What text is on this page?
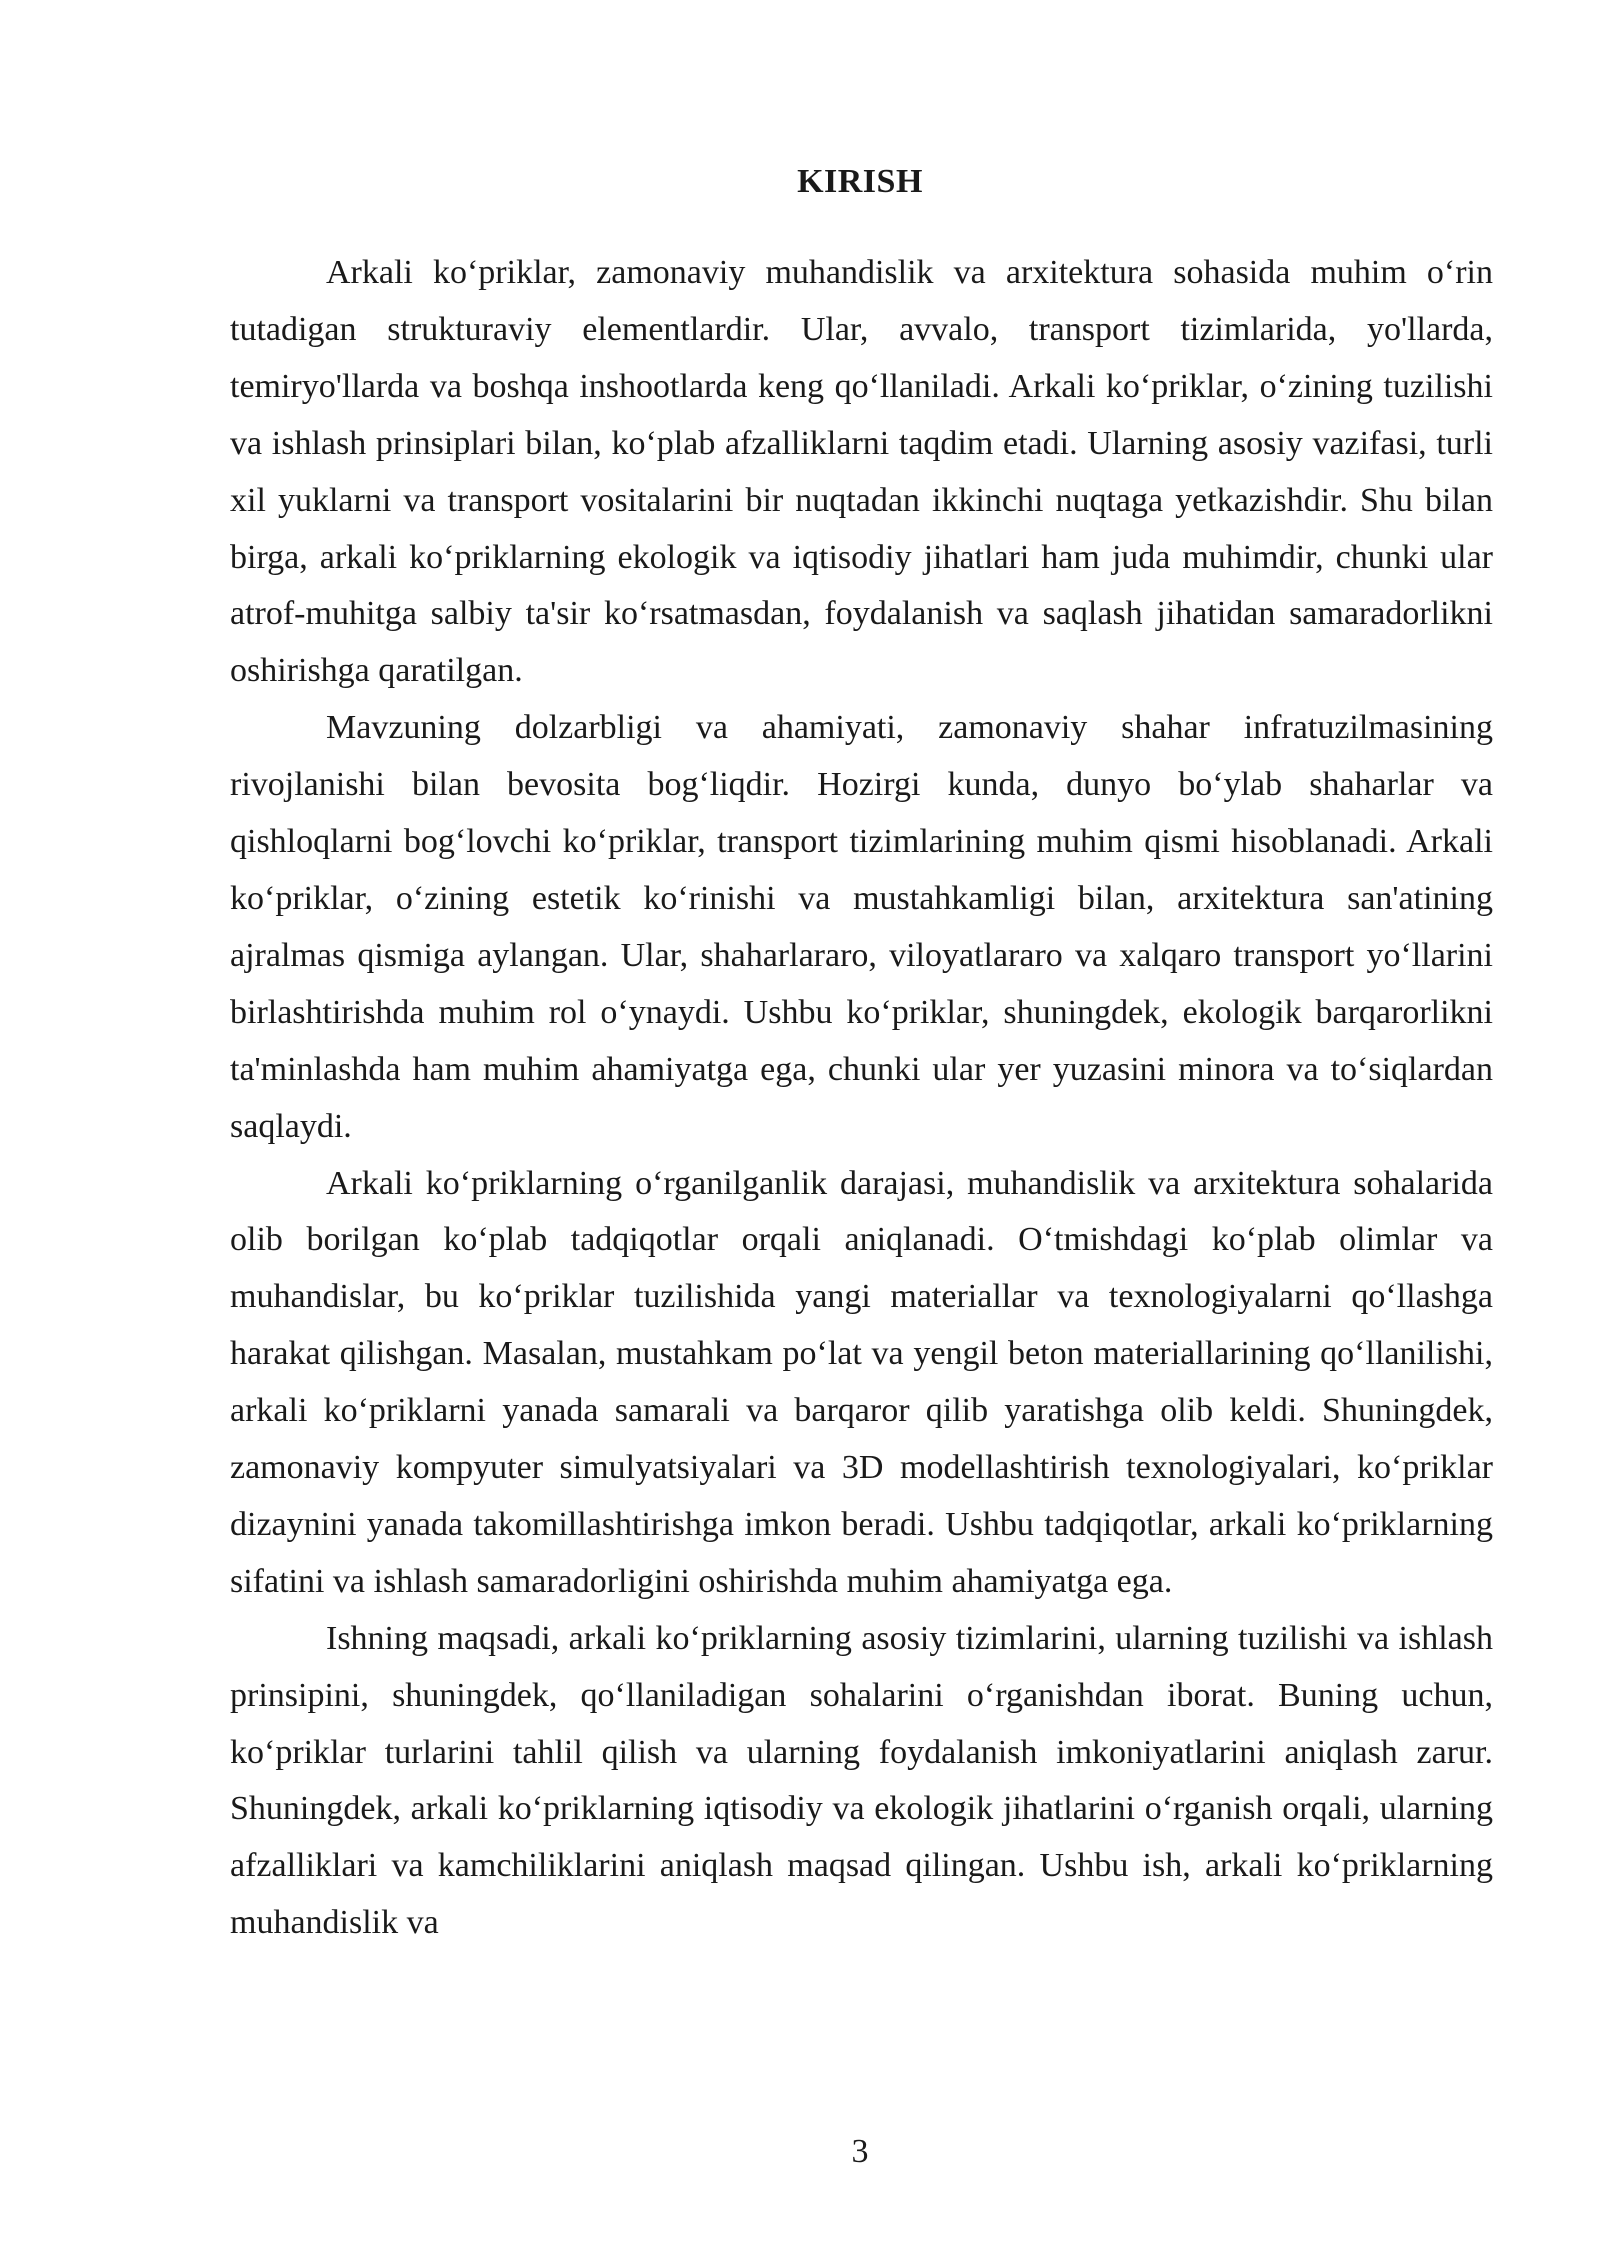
KIRISH

Arkali ko‘priklar, zamonaviy muhandislik va arxitektura sohasida muhim o‘rin tutadigan strukturaviy elementlardir. Ular, avvalo, transport tizimlarida, yo'llarda, temiryo'llarda va boshqa inshootlarda keng qo‘llaniladi. Arkali ko‘priklar, o‘zining tuzilishi va ishlash prinsiplari bilan, ko‘plab afzalliklarni taqdim etadi. Ularning asosiy vazifasi, turli xil yuklarni va transport vositalarini bir nuqtadan ikkinchi nuqtaga yetkazishdir. Shu bilan birga, arkali ko‘priklarning ekologik va iqtisodiy jihatlari ham juda muhimdir, chunki ular atrof-muhitga salbiy ta'sir ko‘rsatmasdan, foydalanish va saqlash jihatidan samaradorlikni oshirishga qaratilgan.

Mavzuning dolzarbligi va ahamiyati, zamonaviy shahar infratuzilmasining rivojlanishi bilan bevosita bog‘liqdir. Hozirgi kunda, dunyo bo‘ylab shaharlar va qishloqlarni bog‘lovchi ko‘priklar, transport tizimlarining muhim qismi hisoblanadi. Arkali ko‘priklar, o‘zining estetik ko‘rinishi va mustahkamligi bilan, arxitektura san'atining ajralmas qismiga aylangan. Ular, shaharlararo, viloyatlararo va xalqaro transport yo‘llarini birlashtirishda muhim rol o‘ynaydi. Ushbu ko‘priklar, shuningdek, ekologik barqarorlikni ta'minlashda ham muhim ahamiyatga ega, chunki ular yer yuzasini minora va to‘siqlardan saqlaydi.

Arkali ko‘priklarning o‘rganilganlik darajasi, muhandislik va arxitektura sohalarida olib borilgan ko‘plab tadqiqotlar orqali aniqlanadi. O‘tmishdagi ko‘plab olimlar va muhandislar, bu ko‘priklar tuzilishida yangi materiallar va texnologiyalarni qo‘llashga harakat qilishgan. Masalan, mustahkam po‘lat va yengil beton materiallarining qo‘llanilishi, arkali ko‘priklarni yanada samarali va barqaror qilib yaratishga olib keldi. Shuningdek, zamonaviy kompyuter simulyatsiyalari va 3D modellashtirish texnologiyalari, ko‘priklar dizaynini yanada takomillashtirishga imkon beradi. Ushbu tadqiqotlar, arkali ko‘priklarning sifatini va ishlash samaradorligini oshirishda muhim ahamiyatga ega.

Ishning maqsadi, arkali ko‘priklarning asosiy tizimlarini, ularning tuzilishi va ishlash prinsipini, shuningdek, qo‘llaniladigan sohalarini o‘rganishdan iborat. Buning uchun, ko‘priklar turlarini tahlil qilish va ularning foydalanish imkoniyatlarini aniqlash zarur. Shuningdek, arkali ko‘priklarning iqtisodiy va ekologik jihatlarini o‘rganish orqali, ularning afzalliklari va kamchiliklarini aniqlash maqsad qilingan. Ushbu ish, arkali ko‘priklarning muhandislik va

3
